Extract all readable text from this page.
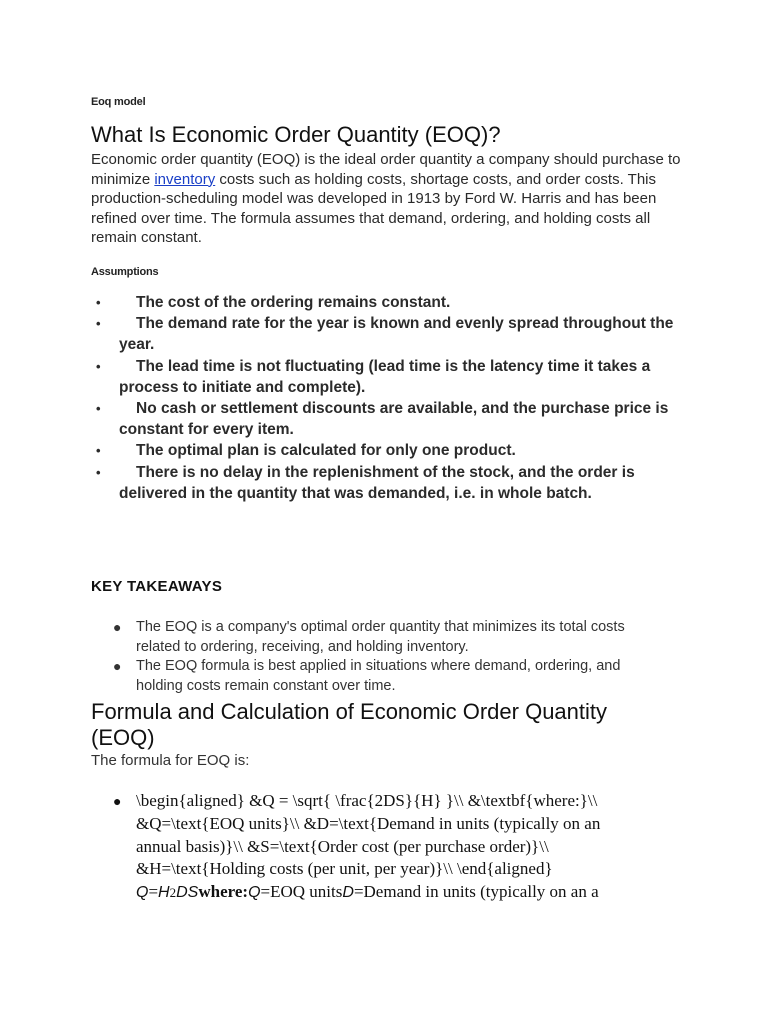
Eoq model
What Is Economic Order Quantity (EOQ)?

Economic order quantity (EOQ) is the ideal order quantity a company should purchase to minimize inventory costs such as holding costs, shortage costs, and order costs. This production-scheduling model was developed in 1913 by Ford W. Harris and has been refined over time. The formula assumes that demand, ordering, and holding costs all remain constant.

Assumptions
• The cost of the ordering remains constant.
• The demand rate for the year is known and evenly spread throughout the year.
• The lead time is not fluctuating (lead time is the latency time it takes a process to initiate and complete).
• No cash or settlement discounts are available, and the purchase price is constant for every item.
• The optimal plan is calculated for only one product.
• There is no delay in the replenishment of the stock, and the order is delivered in the quantity that was demanded, i.e. in whole batch.
KEY TAKEAWAYS
● The EOQ is a company's optimal order quantity that minimizes its total costs related to ordering, receiving, and holding inventory.
● The EOQ formula is best applied in situations where demand, ordering, and holding costs remain constant over time.
Formula and Calculation of Economic Order Quantity (EOQ)

The formula for EOQ is:

● \begin{aligned} &Q = \sqrt{ \frac{2DS}{H} }\\ &\textbf{where:}\\
&Q=\text{EOQ units}\\ &D=\text{Demand in units (typically on an
annual basis)}\\ &S=\text{Order cost (per purchase order)}\\
&H=\text{Holding costs (per unit, per year)}\\ \end{aligned}
Q=H2DSwhere:Q=EOQ unitsD=Demand in units (typically on an a
